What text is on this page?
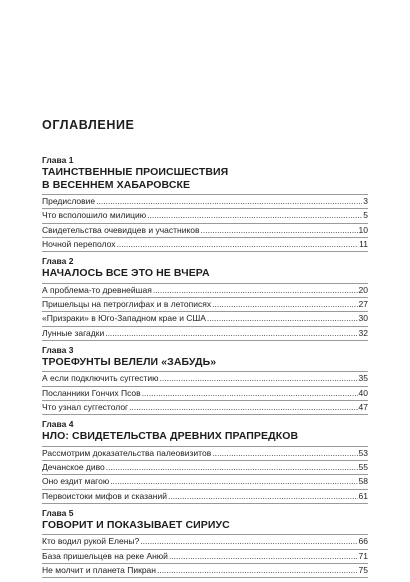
ОГЛАВЛЕНИЕ
Глава 1
ТАИНСТВЕННЫЕ ПРОИСШЕСТВИЯ
В ВЕСЕННЕМ ХАБАРОВСКЕ
Предисловие .....	3
Что всполошило милицию .....	5
Свидетельства очевидцев и участников .....	10
Ночной переполох .....	11
Глава 2
НАЧАЛОСЬ ВСЕ ЭТО НЕ ВЧЕРА
А проблема-то древнейшая .....	20
Пришельцы на петроглифах и в летописях .....	27
«Призраки» в Юго-Западном крае и США .....	30
Лунные загадки .....	32
Глава 3
ТРОЕФУНТЫ ВЕЛЕЛИ «ЗАБУДЬ»
А если подключить суггестию .....	35
Посланники Гончих Псов .....	40
Что узнал суггестолог .....	47
Глава 4
НЛО: СВИДЕТЕЛЬСТВА ДРЕВНИХ ПРАПРЕДКОВ
Рассмотрим доказательства палеовизитов .....	53
Дечанское диво .....	55
Оно ездит магою .....	58
Первоистоки мифов и сказаний .....	61
Глава 5
ГОВОРИТ И ПОКАЗЫВАЕТ СИРИУС
Кто водил рукой Елены? .....	66
База пришельцев на реке Анюй .....	71
Не молчит и планета Пикран .....	75
